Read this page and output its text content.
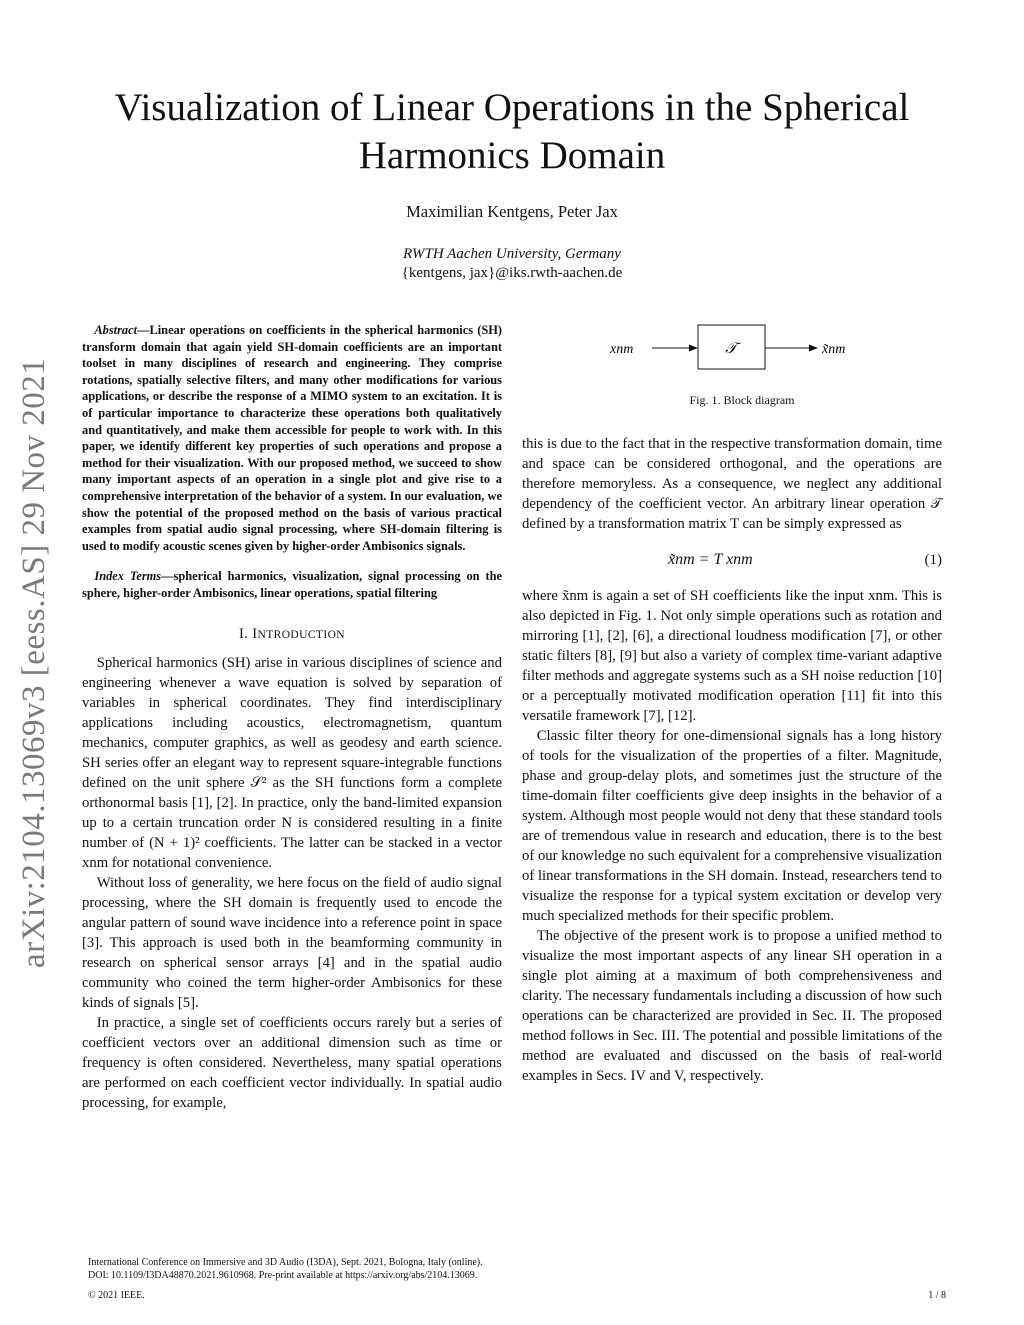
Visualization of Linear Operations in the Spherical Harmonics Domain
Maximilian Kentgens, Peter Jax
RWTH Aachen University, Germany
{kentgens, jax}@iks.rwth-aachen.de
arXiv:2104.13069v3 [eess.AS] 29 Nov 2021

Abstract—Linear operations on coefficients in the spherical harmonics (SH) transform domain that again yield SH-domain coefficients are an important toolset in many disciplines of research and engineering. They comprise rotations, spatially selective filters, and many other modifications for various applications, or describe the response of a MIMO system to an excitation. It is of particular importance to characterize these operations both qualitatively and quantitatively, and make them accessible for people to work with. In this paper, we identify different key properties of such operations and propose a method for their visualization. With our proposed method, we succeed to show many important aspects of an operation in a single plot and give rise to a comprehensive interpretation of the behavior of a system. In our evaluation, we show the potential of the proposed method on the basis of various practical examples from spatial audio signal processing, where SH-domain filtering is used to modify acoustic scenes given by higher-order Ambisonics signals.

Index Terms—spherical harmonics, visualization, signal processing on the sphere, higher-order Ambisonics, linear operations, spatial filtering

I. INTRODUCTION

Spherical harmonics (SH) arise in various disciplines of science and engineering whenever a wave equation is solved by separation of variables in spherical coordinates. They find interdisciplinary applications including acoustics, electromagnetism, quantum mechanics, computer graphics, as well as geodesy and earth science. SH series offer an elegant way to represent square-integrable functions defined on the unit sphere 𝒮² as the SH functions form a complete orthonormal basis [1], [2]. In practice, only the band-limited expansion up to a certain truncation order N is considered resulting in a finite number of (N + 1)² coefficients. The latter can be stacked in a vector xnm for notational convenience.

Without loss of generality, we here focus on the field of audio signal processing, where the SH domain is frequently used to encode the angular pattern of sound wave incidence into a reference point in space [3]. This approach is used both in the beamforming community in research on spherical sensor arrays [4] and in the spatial audio community who coined the term higher-order Ambisonics for these kinds of signals [5].

In practice, a single set of coefficients occurs rarely but a series of coefficient vectors over an additional dimension such as time or frequency is often considered. Nevertheless, many spatial operations are performed on each coefficient vector individually. In spatial audio processing, for example,

xnm	𝒯	x̃nm
Fig. 1. Block diagram

this is due to the fact that in the respective transformation domain, time and space can be considered orthogonal, and the operations are therefore memoryless. As a consequence, we neglect any additional dependency of the coefficient vector. An arbitrary linear operation 𝒯 defined by a transformation matrix T can be simply expressed as

x̃nm = T xnm	(1)

where x̃nm is again a set of SH coefficients like the input xnm. This is also depicted in Fig. 1. Not only simple operations such as rotation and mirroring [1], [2], [6], a directional loudness modification [7], or other static filters [8], [9] but also a variety of complex time-variant adaptive filter methods and aggregate systems such as a SH noise reduction [10] or a perceptually motivated modification operation [11] fit into this versatile framework [7], [12].

Classic filter theory for one-dimensional signals has a long history of tools for the visualization of the properties of a filter. Magnitude, phase and group-delay plots, and sometimes just the structure of the time-domain filter coefficients give deep insights in the behavior of a system. Although most people would not deny that these standard tools are of tremendous value in research and education, there is to the best of our knowledge no such equivalent for a comprehensive visualization of linear transformations in the SH domain. Instead, researchers tend to visualize the response for a typical system excitation or develop very much specialized methods for their specific problem.

The objective of the present work is to propose a unified method to visualize the most important aspects of any linear SH operation in a single plot aiming at a maximum of both comprehensiveness and clarity. The necessary fundamentals including a discussion of how such operations can be characterized are provided in Sec. II. The proposed method follows in Sec. III. The potential and possible limitations of the method are evaluated and discussed on the basis of real-world examples in Secs. IV and V, respectively.

International Conference on Immersive and 3D Audio (I3DA), Sept. 2021, Bologna, Italy (online).
DOI: 10.1109/I3DA48870.2021.9610968. Pre-print available at https://arxiv.org/abs/2104.13069.
© 2021 IEEE.	1 / 8
